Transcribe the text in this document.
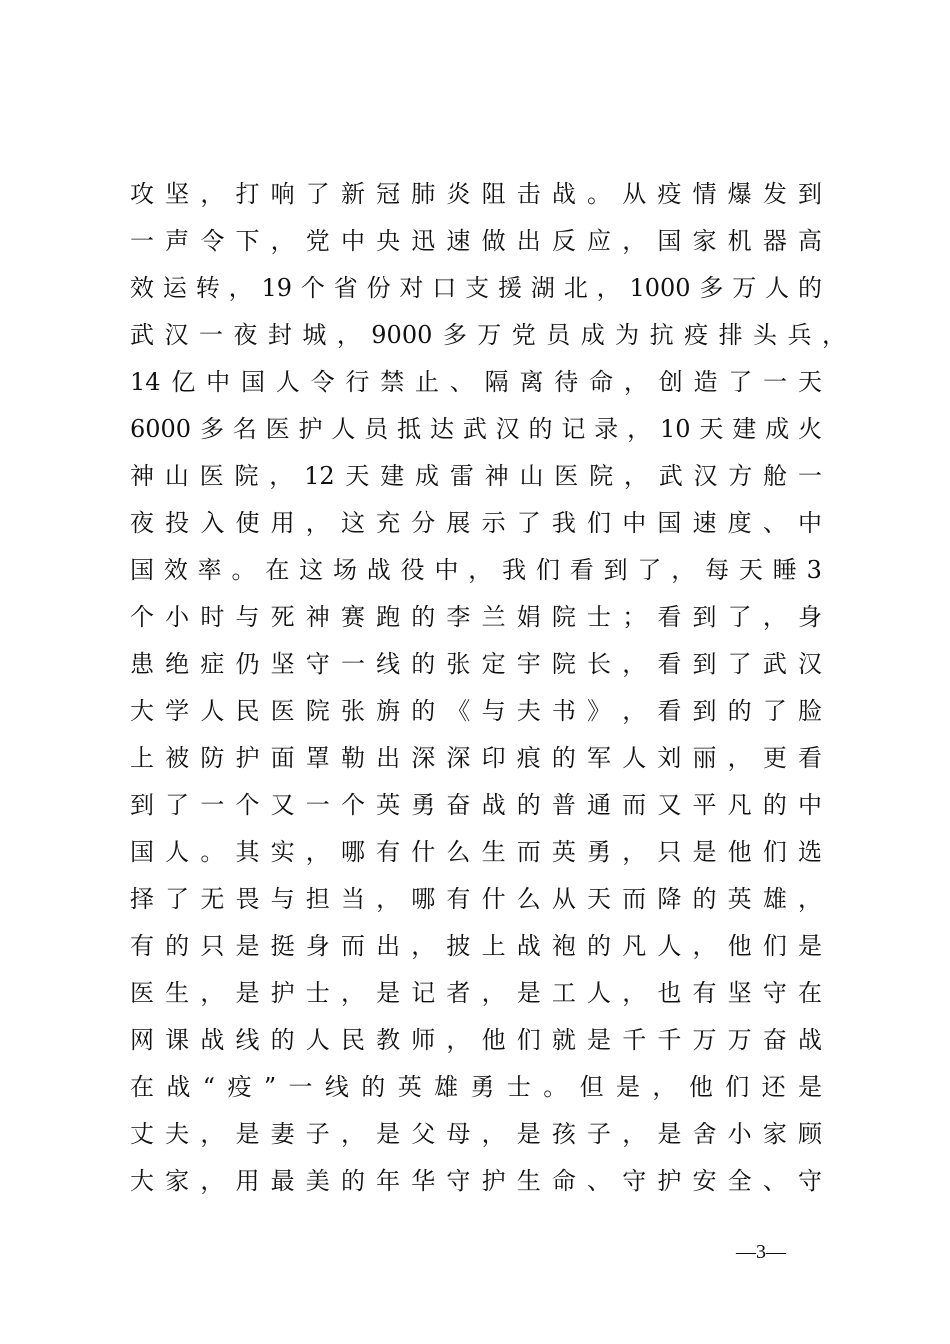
攻 坚 ， 打 响 了 新 冠 肺 炎 阻 击 战 。 从 疫 情 爆 发 到
一 声 令 下 ， 党 中 央 迅 速 做 出 反 应 ， 国 家 机 器 高
效 运 转 ， 19 个 省 份 对 口 支 援 湖 北 ， 1000 多 万 人 的
武 汉 一 夜 封 城 ， 9000 多 万 党 员 成 为 抗 疫 排 头 兵 ，
14 亿 中 国 人 令 行 禁 止 、 隔 离 待 命 ， 创 造 了 一 天
6000 多 名 医 护 人 员 抵 达 武 汉 的 记 录 ， 10 天 建 成 火
神 山 医 院 ， 12 天 建 成 雷 神 山 医 院 ， 武 汉 方 舱 一
夜 投 入 使 用 ， 这 充 分 展 示 了 我 们 中 国 速 度 、 中
国 效 率 。 在 这 场 战 役 中 ， 我 们 看 到 了 ， 每 天 睡 3
个 小 时 与 死 神 赛 跑 的 李 兰 娟 院 士 ； 看 到 了 ， 身
患 绝 症 仍 坚 守 一 线 的 张 定 宇 院 长 ， 看 到 了 武 汉
大 学 人 民 医 院 张 旃 的 《 与 夫 书 》 ， 看 到 的 了 脸
上 被 防 护 面 罩 勒 出 深 深 印 痕 的 军 人 刘 丽 ， 更 看
到 了 一 个 又 一 个 英 勇 奋 战 的 普 通 而 又 平 凡 的 中
国 人 。 其 实 ， 哪 有 什 么 生 而 英 勇 ， 只 是 他 们 选
择 了 无 畏 与 担 当 ， 哪 有 什 么 从 天 而 降 的 英 雄 ，
有 的 只 是 挺 身 而 出 ， 披 上 战 袍 的 凡 人 ， 他 们 是
医 生 ， 是 护 士 ， 是 记 者 ， 是 工 人 ， 也 有 坚 守 在
网 课 战 线 的 人 民 教 师 ， 他 们 就 是 千 千 万 万 奋 战
在 战 “ 疫 ” 一 线 的 英 雄 勇 士 。 但 是 ， 他 们 还 是
丈 夫 ， 是 妻 子 ， 是 父 母 ， 是 孩 子 ， 是 舍 小 家 顾
大 家 ， 用 最 美 的 年 华 守 护 生 命 、 守 护 安 全 、 守
—3—
